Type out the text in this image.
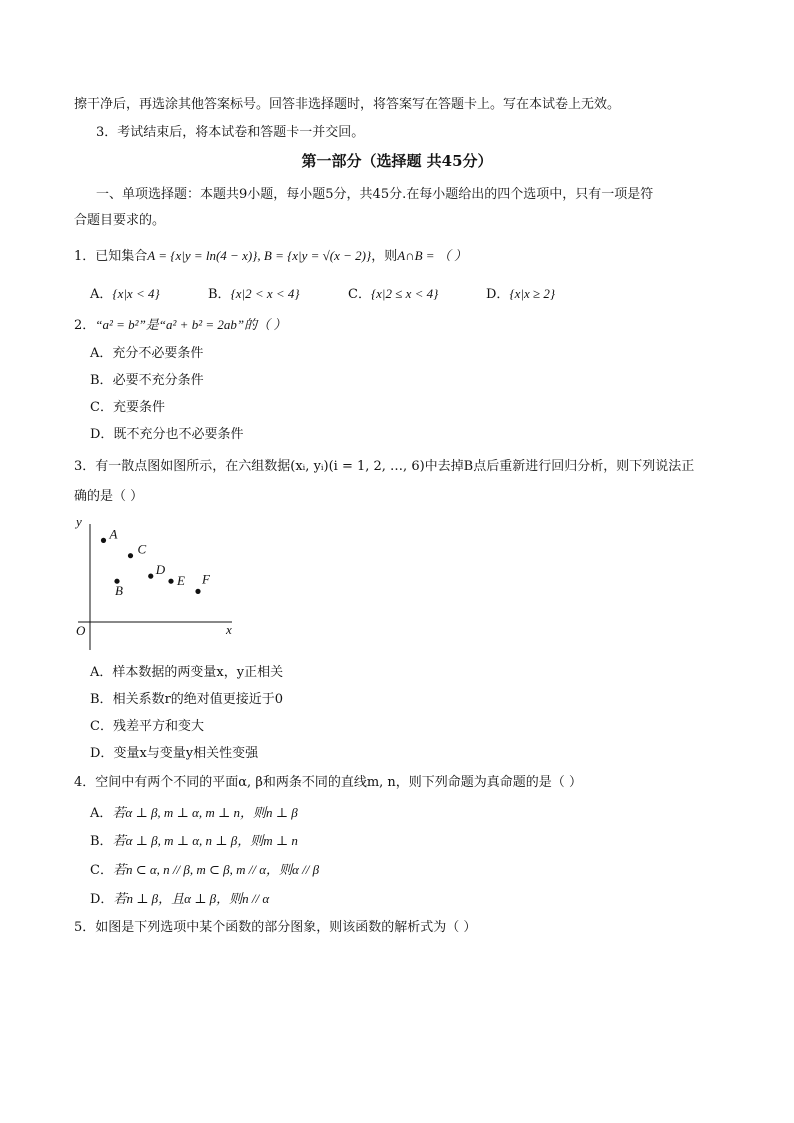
擦干净后，再选涂其他答案标号。回答非选择题时，将答案写在答题卡上。写在本试卷上无效。
3．考试结束后，将本试卷和答题卡一并交回。
第一部分（选择题 共45分）
一、单项选择题：本题共9小题，每小题5分，共45分.在每小题给出的四个选项中，只有一项是符
合题目要求的。
1．已知集合A = {x|y = ln(4 − x)}, B = {x|y = √(x − 2)}，则A∩B = （ ）
A．{x|x < 4}	B．{x|2 < x < 4}	C．{x|2 ≤ x < 4}	D．{x|x ≥ 2}
2．“a² = b²”是“a² + b² = 2ab”的（ ）
A．充分不必要条件
B．必要不充分条件
C．充要条件
D．既不充分也不必要条件
3．有一散点图如图所示，在六组数据(xᵢ, yᵢ)(i = 1, 2, …, 6)中去掉B点后重新进行回归分析，则下列说法正
确的是（ ）
y
x
O
A
B
C
D
E F
A．样本数据的两变量x，y正相关
B．相关系数r的绝对值更接近于0
C．残差平方和变大
D．变量x与变量y相关性变强
4．空间中有两个不同的平面α, β和两条不同的直线m, n，则下列命题为真命题的是（ ）
A．若α ⊥ β, m ⊥ α, m ⊥ n，则n ⊥ β
B．若α ⊥ β, m ⊥ α, n ⊥ β，则m ⊥ n
C．若n ⊂ α, n // β, m ⊂ β, m // α，则α // β
D．若n ⊥ β，且α ⊥ β，则n // α
5．如图是下列选项中某个函数的部分图象，则该函数的解析式为（ ）
